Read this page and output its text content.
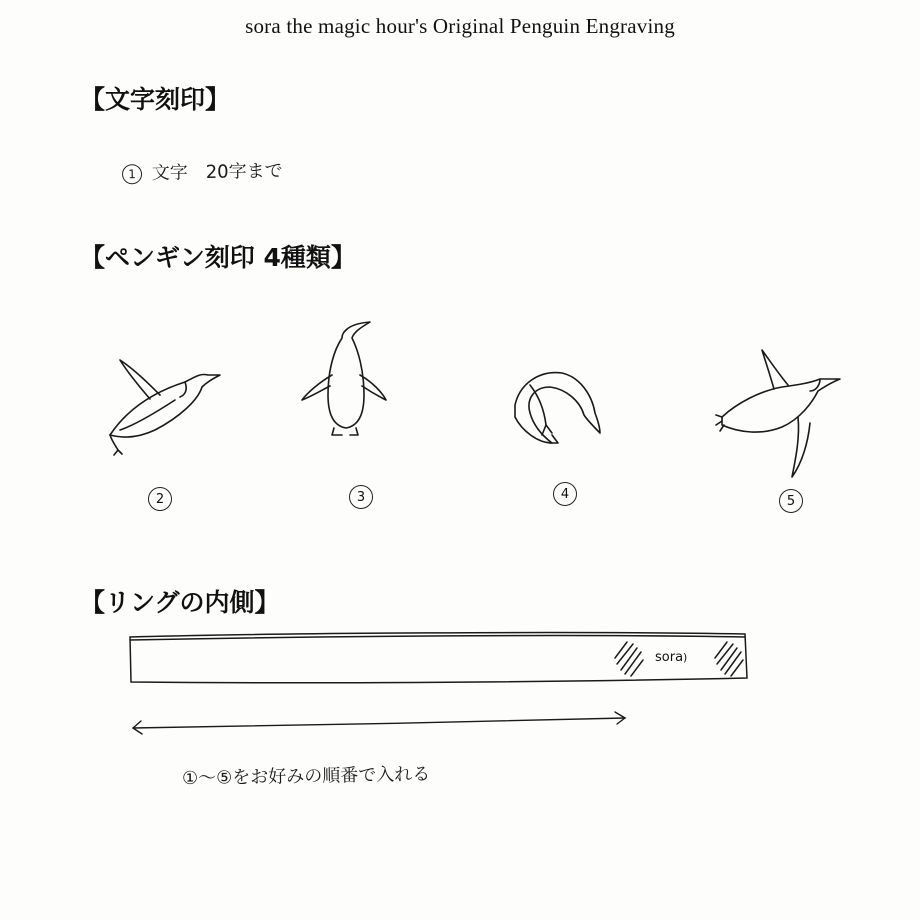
sora the magic hour's Original Penguin Engraving
【文字刻印】
1 文字　20字まで
【ペンギン刻印 4種類】
2	3	4	5
【リングの内側】
sora)
①～⑤をお好みの順番で入れる
